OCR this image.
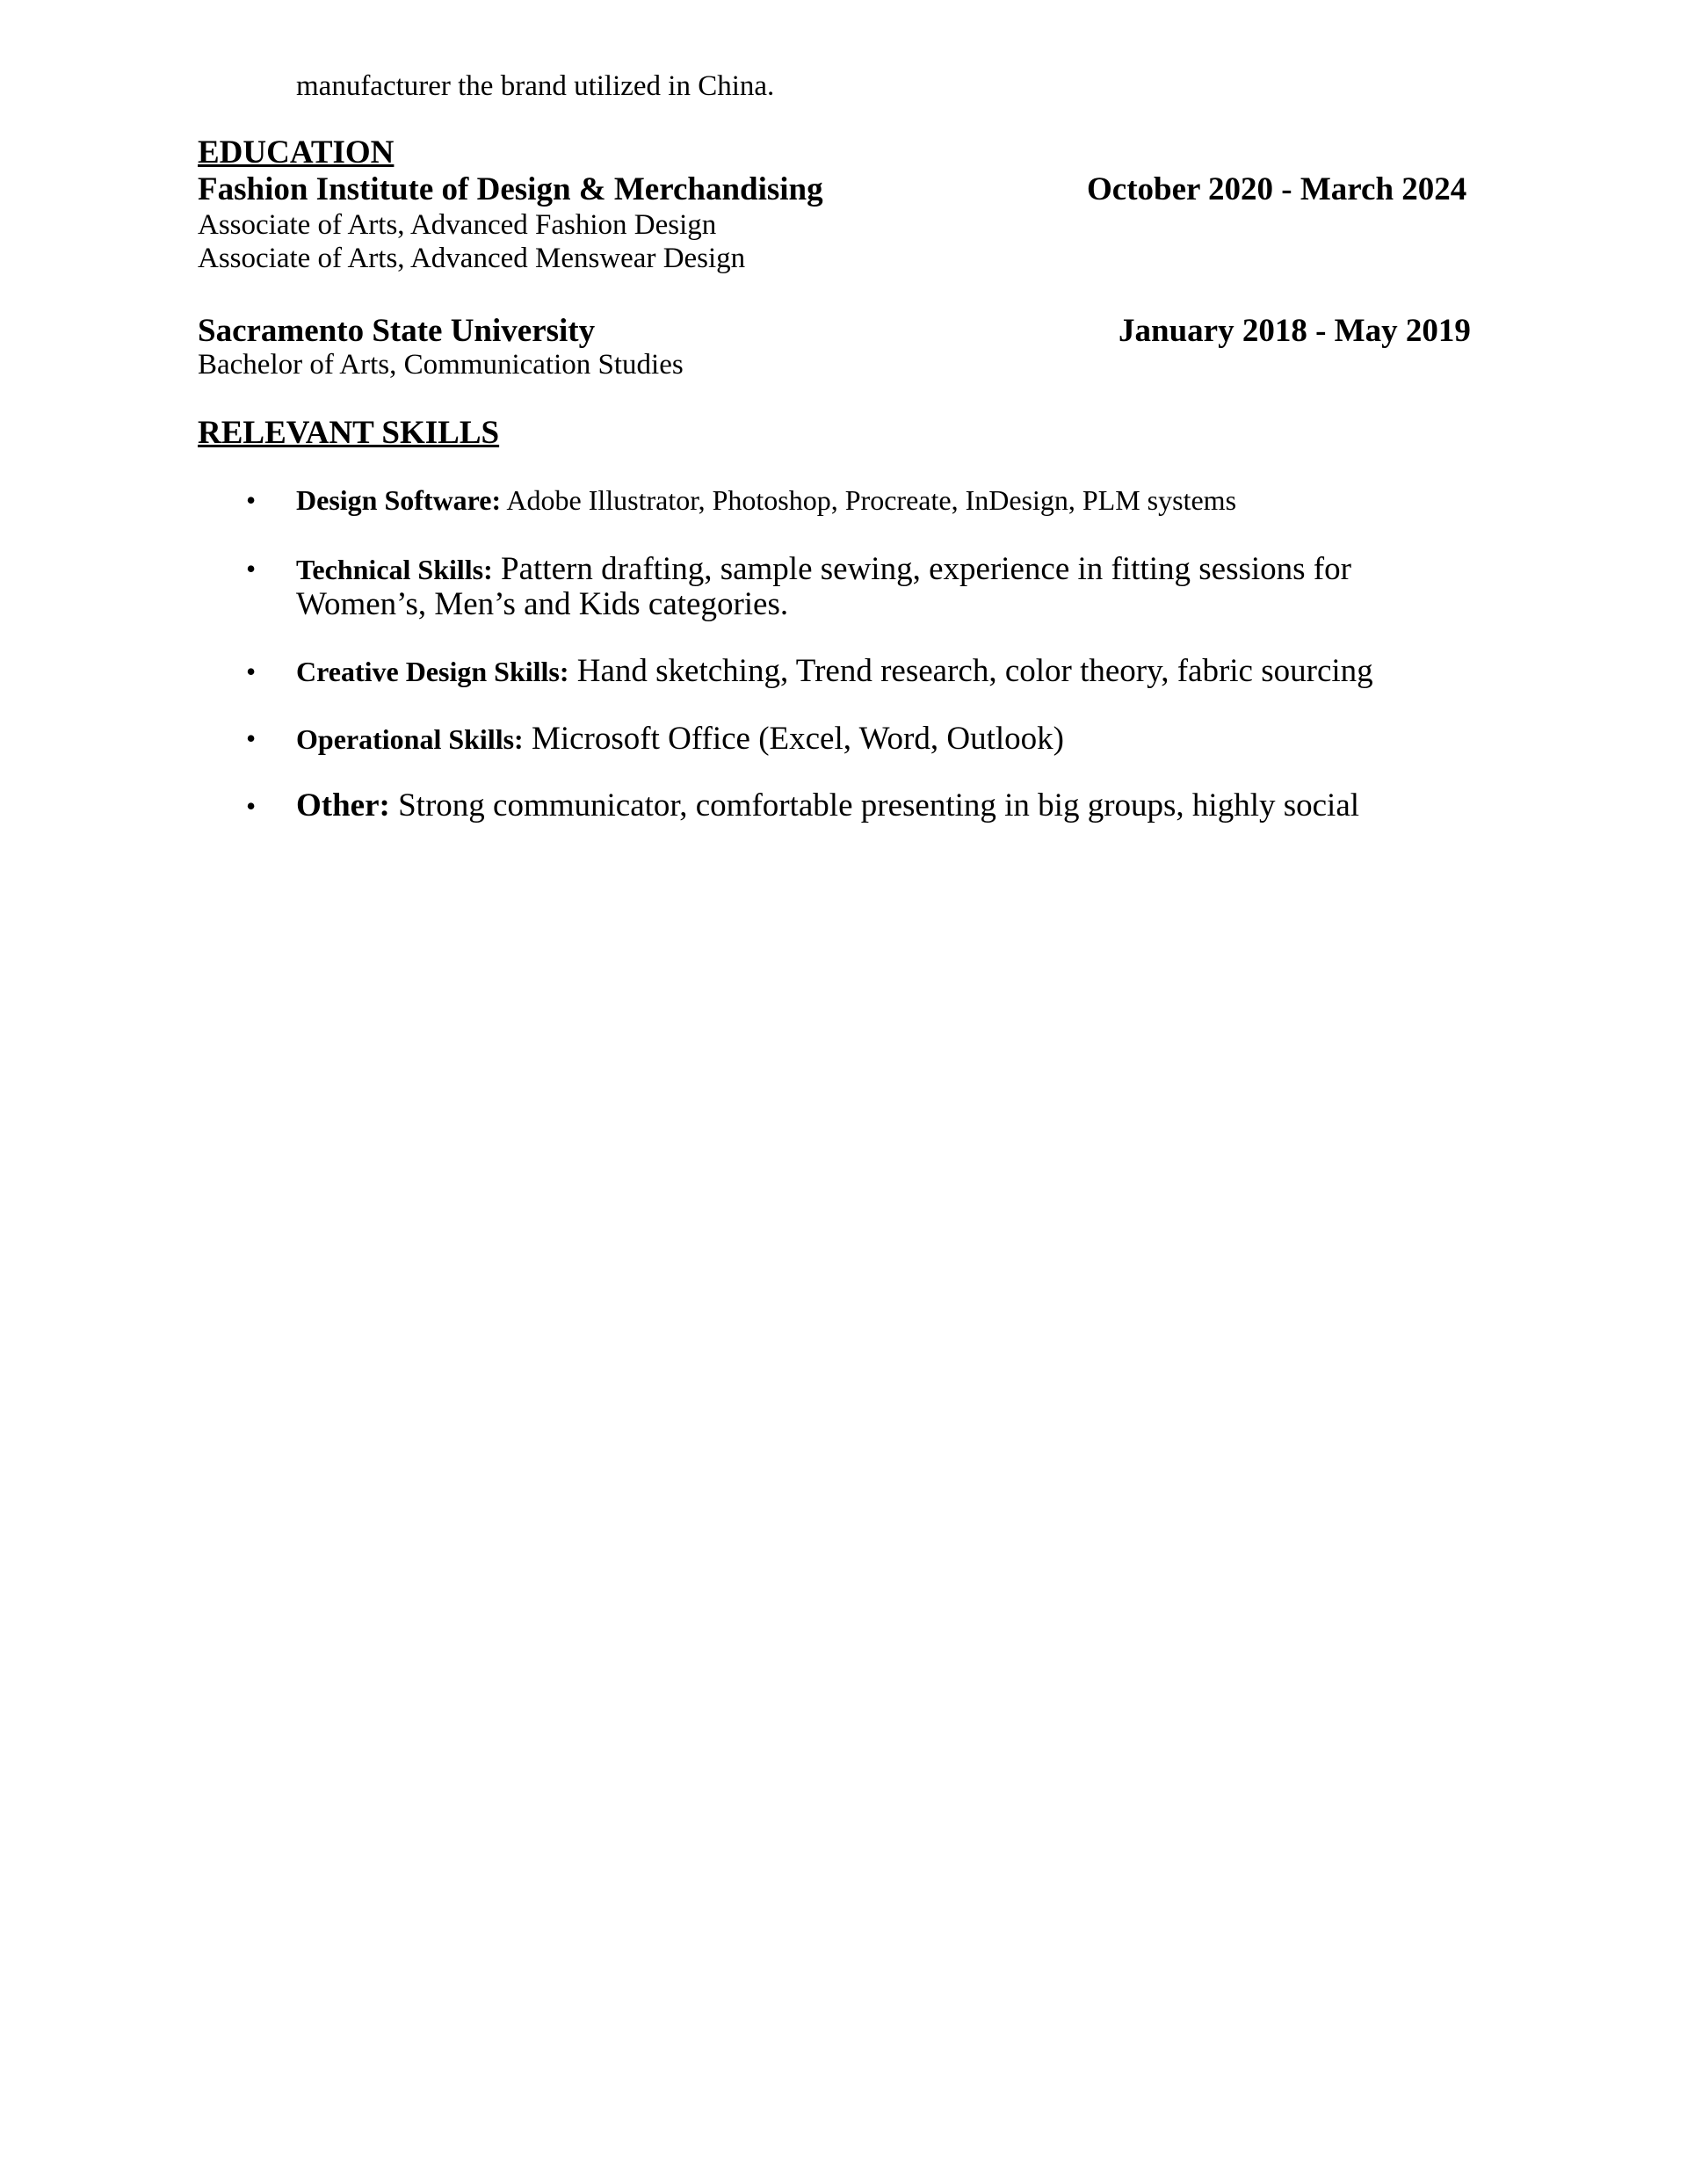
manufacturer the brand utilized in China.
EDUCATION
Fashion Institute of Design & Merchandising	October 2020 - March 2024
Associate of Arts, Advanced Fashion Design
Associate of Arts, Advanced Menswear Design
Sacramento State University	January 2018 - May 2019
Bachelor of Arts, Communication Studies
RELEVANT SKILLS
• Design Software: Adobe Illustrator, Photoshop, Procreate, InDesign, PLM systems
• Technical Skills: Pattern drafting, sample sewing, experience in fitting sessions for
Women’s, Men’s and Kids categories.
• Creative Design Skills: Hand sketching, Trend research, color theory, fabric sourcing
• Operational Skills: Microsoft Office (Excel, Word, Outlook)
• Other: Strong communicator, comfortable presenting in big groups, highly social
